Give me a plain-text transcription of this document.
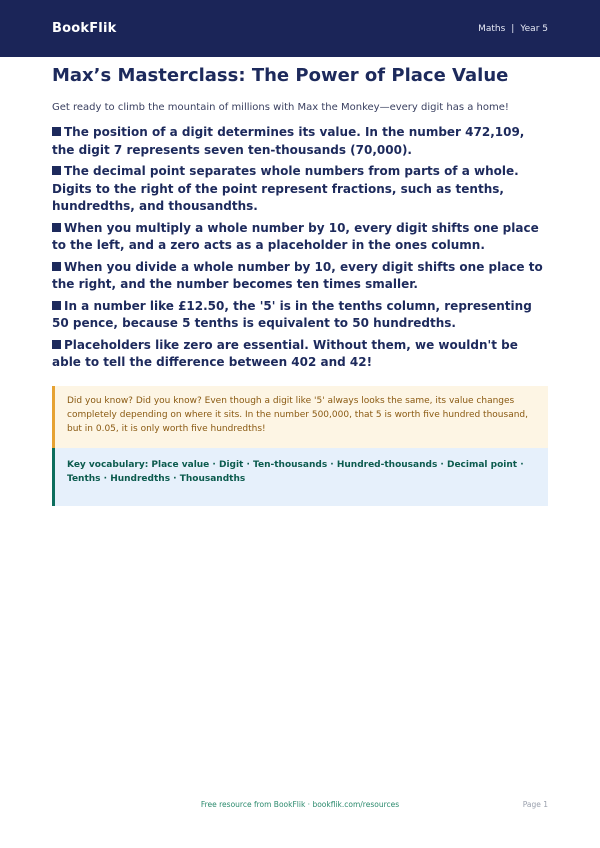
BookFlik	Maths | Year 5
Max’s Masterclass: The Power of Place Value

Get ready to climb the mountain of millions with Max the Monkey—every digit has a home!

The position of a digit determines its value. In the number 472,109, the digit 7 represents seven ten-thousands (70,000).
The decimal point separates whole numbers from parts of a whole. Digits to the right of the point represent fractions, such as tenths, hundredths, and thousandths.
When you multiply a whole number by 10, every digit shifts one place to the left, and a zero acts as a placeholder in the ones column.
When you divide a whole number by 10, every digit shifts one place to the right, and the number becomes ten times smaller.
In a number like £12.50, the '5' is in the tenths column, representing 50 pence, because 5 tenths is equivalent to 50 hundredths.
Placeholders like zero are essential. Without them, we wouldn't be able to tell the difference between 402 and 42!
Did you know? Did you know? Even though a digit like '5' always looks the same, its value changes completely depending on where it sits. In the number 500,000, that 5 is worth five hundred thousand, but in 0.05, it is only worth five hundredths!
Key vocabulary: Place value · Digit · Ten-thousands · Hundred-thousands · Decimal point · Tenths · Hundredths · Thousandths
Free resource from BookFlik · bookflik.com/resources	Page 1
